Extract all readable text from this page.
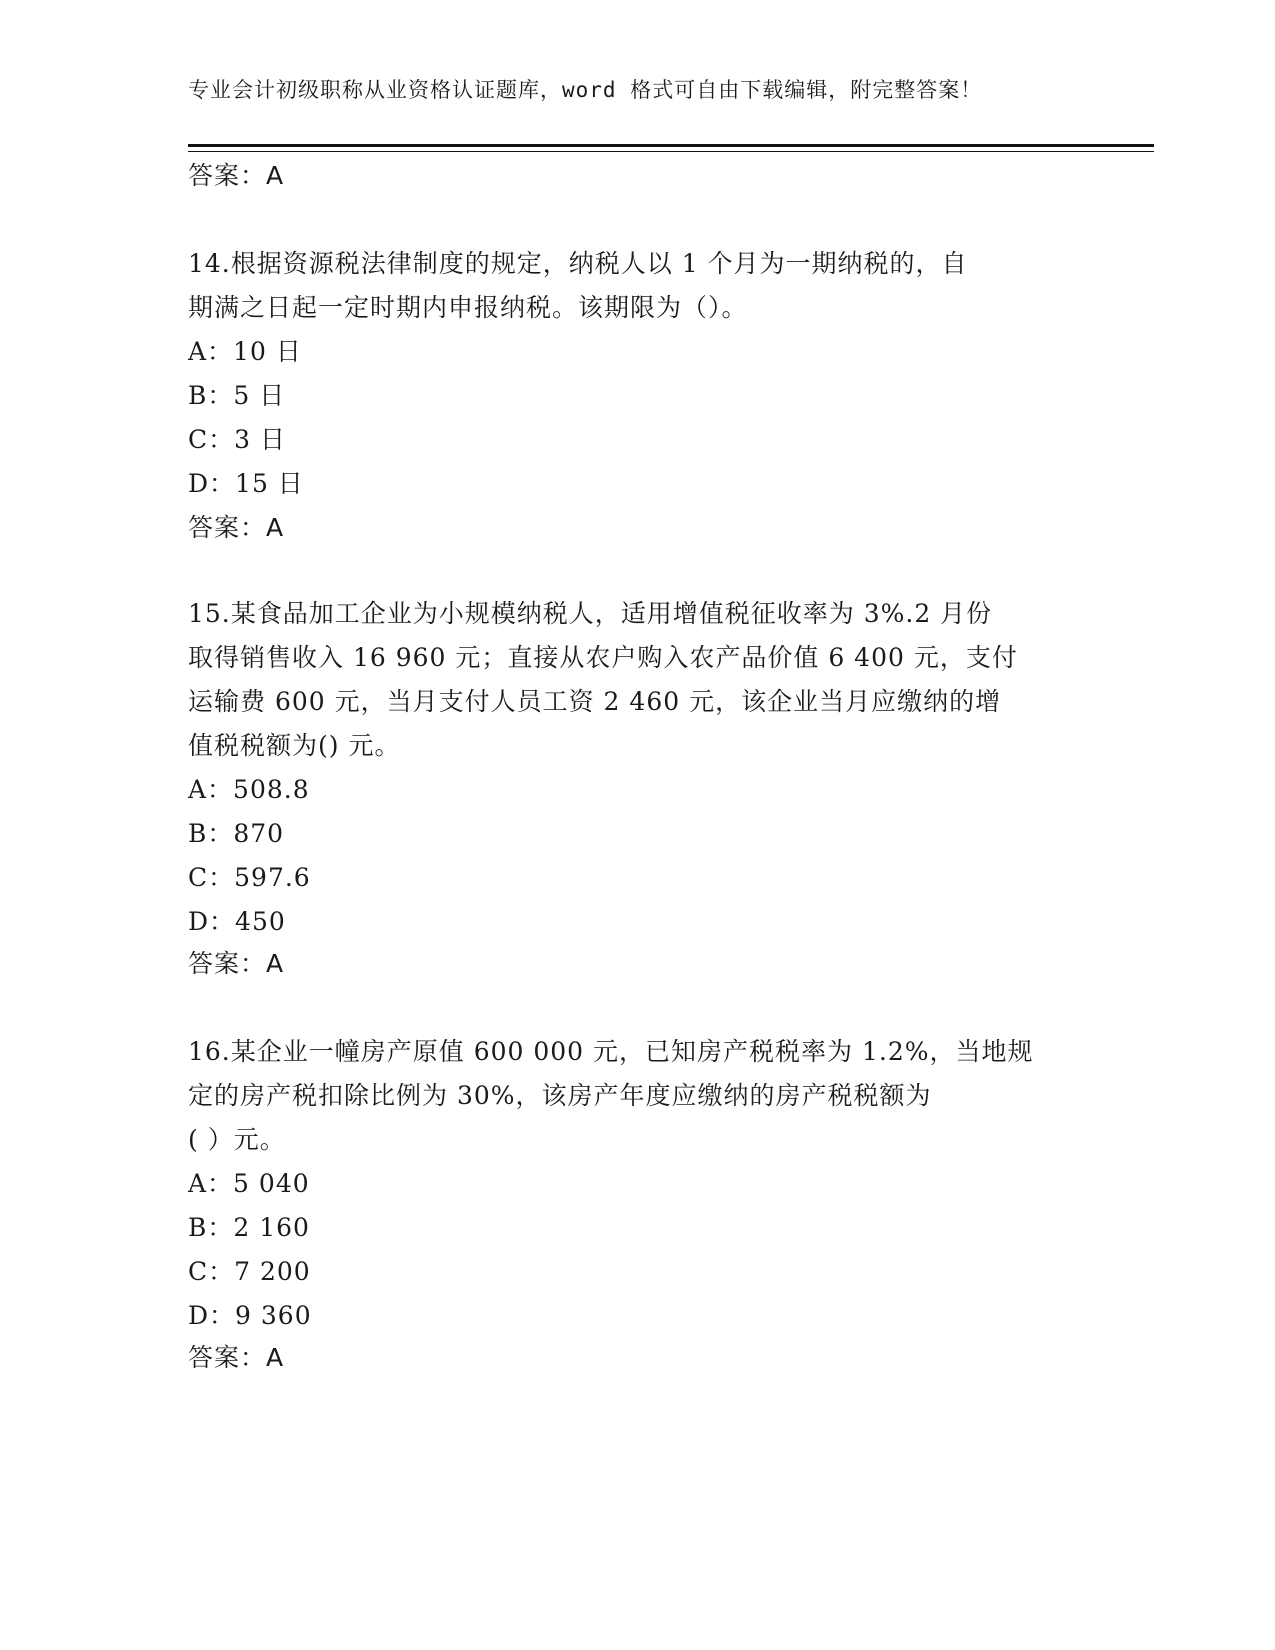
专业会计初级职称从业资格认证题库，word 格式可自由下载编辑，附完整答案！
答案：A
14.根据资源税法律制度的规定，纳税人以 1 个月为一期纳税的，自
期满之日起一定时期内申报纳税。该期限为（）。
A：10 日
B：5 日
C：3 日
D：15 日
答案：A
15.某食品加工企业为小规模纳税人，适用增值税征收率为 3%.2 月份
取得销售收入 16 960 元；直接从农户购入农产品价值 6 400 元，支付
运输费 600 元，当月支付人员工资 2 460 元，该企业当月应缴纳的增
值税税额为() 元。
A：508.8
B：870
C：597.6
D：450
答案：A
16.某企业一幢房产原值 600 000 元，已知房产税税率为 1.2%，当地规
定的房产税扣除比例为 30%，该房产年度应缴纳的房产税税额为
( ）元。
A：5 040
B：2 160
C：7 200
D：9 360
答案：A
